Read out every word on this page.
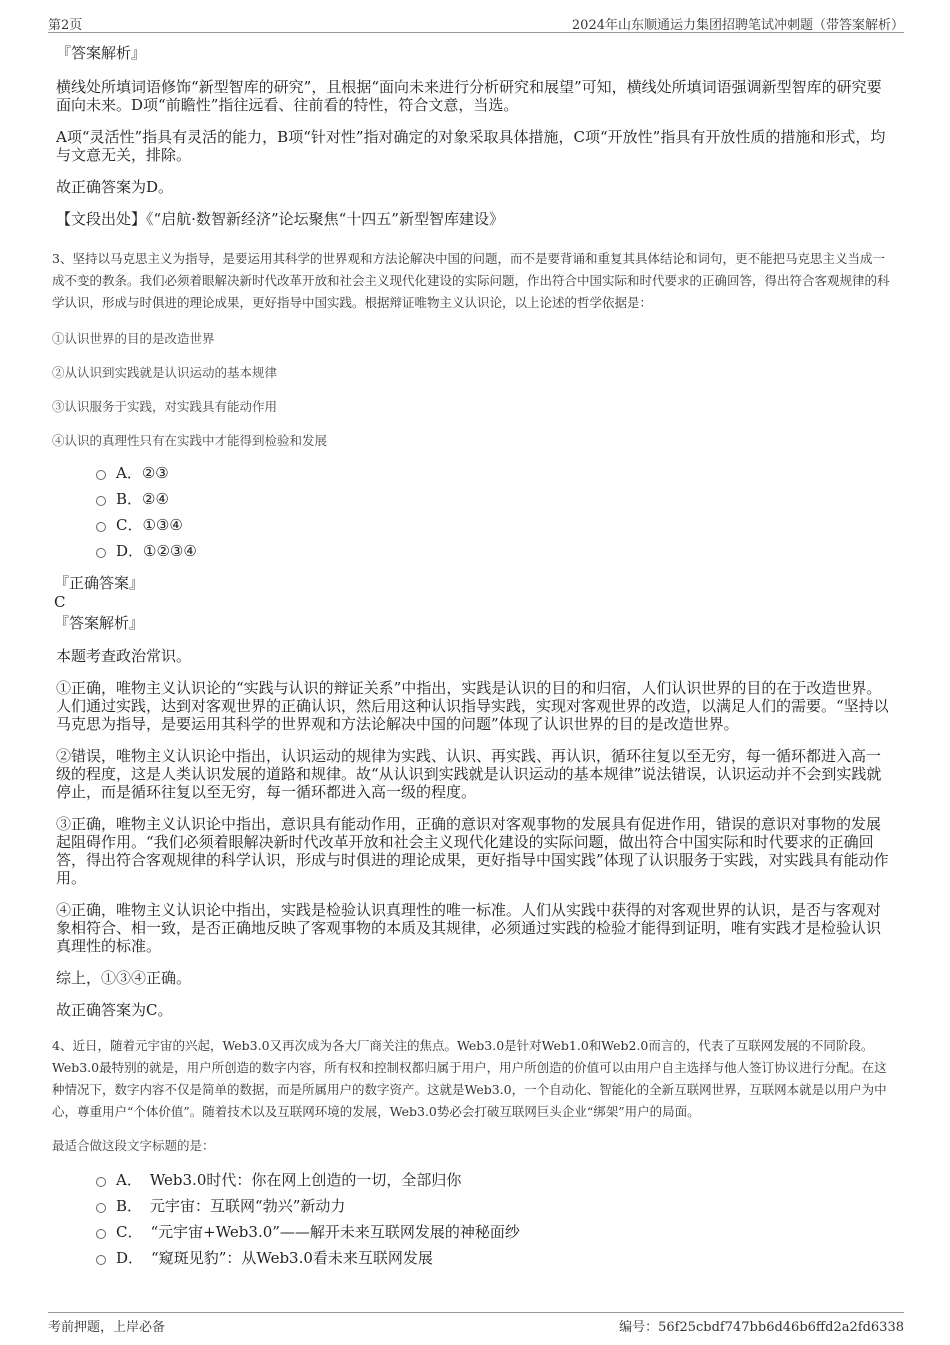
第2页	2024年山东顺通运力集团招聘笔试冲刺题（带答案解析）

『答案解析』

横线处所填词语修饰“新型智库的研究”，且根据“面向未来进行分析研究和展望”可知，横线处所填词语强调新型智库的研究要面向未来。D项“前瞻性”指往远看、往前看的特性，符合文意，当选。

A项“灵活性”指具有灵活的能力，B项“针对性”指对确定的对象采取具体措施，C项“开放性”指具有开放性质的措施和形式，均与文意无关，排除。

故正确答案为D。

【文段出处】《“启航·数智新经济”论坛聚焦“十四五”新型智库建设》

3、坚持以马克思主义为指导，是要运用其科学的世界观和方法论解决中国的问题，而不是要背诵和重复其具体结论和词句，更不能把马克思主义当成一成不变的教条。我们必须着眼解决新时代改革开放和社会主义现代化建设的实际问题，作出符合中国实际和时代要求的正确回答，得出符合客观规律的科学认识，形成与时俱进的理论成果，更好指导中国实践。根据辩证唯物主义认识论，以上论述的哲学依据是：

①认识世界的目的是改造世界

②从认识到实践就是认识运动的基本规律

③认识服务于实践，对实践具有能动作用

④认识的真理性只有在实践中才能得到检验和发展

A． ②③
B． ②④
C． ①③④
D． ①②③④

『正确答案』

C

『答案解析』

本题考查政治常识。

①正确，唯物主义认识论的“实践与认识的辩证关系”中指出，实践是认识的目的和归宿，人们认识世界的目的在于改造世界。人们通过实践，达到对客观世界的正确认识，然后用这种认识指导实践，实现对客观世界的改造，以满足人们的需要。“坚持以马克思为指导，是要运用其科学的世界观和方法论解决中国的问题”体现了认识世界的目的是改造世界。

②错误，唯物主义认识论中指出，认识运动的规律为实践、认识、再实践、再认识，循环往复以至无穷，每一循环都进入高一级的程度，这是人类认识发展的道路和规律。故“从认识到实践就是认识运动的基本规律”说法错误，认识运动并不会到实践就停止，而是循环往复以至无穷，每一循环都进入高一级的程度。

③正确，唯物主义认识论中指出，意识具有能动作用，正确的意识对客观事物的发展具有促进作用，错误的意识对事物的发展起阻碍作用。“我们必须着眼解决新时代改革开放和社会主义现代化建设的实际问题，做出符合中国实际和时代要求的正确回答，得出符合客观规律的科学认识，形成与时俱进的理论成果，更好指导中国实践”体现了认识服务于实践，对实践具有能动作用。

④正确，唯物主义认识论中指出，实践是检验认识真理性的唯一标准。人们从实践中获得的对客观世界的认识，是否与客观对象相符合、相一致，是否正确地反映了客观事物的本质及其规律，必须通过实践的检验才能得到证明，唯有实践才是检验认识真理性的标准。

综上，①③④正确。

故正确答案为C。

4、近日，随着元宇宙的兴起，Web3.0又再次成为各大厂商关注的焦点。Web3.0是针对Web1.0和Web2.0而言的，代表了互联网发展的不同阶段。Web3.0最特别的就是，用户所创造的数字内容，所有权和控制权都归属于用户，用户所创造的价值可以由用户自主选择与他人签订协议进行分配。在这种情况下，数字内容不仅是简单的数据，而是所属用户的数字资产。这就是Web3.0，一个自动化、智能化的全新互联网世界，互联网本就是以用户为中心，尊重用户“个体价值”。随着技术以及互联网环境的发展，Web3.0势必会打破互联网巨头企业“绑架”用户的局面。

最适合做这段文字标题的是：

A． Web3.0时代：你在网上创造的一切，全部归你
B． 元宇宙：互联网“勃兴”新动力
C． “元宇宙+Web3.0”——解开未来互联网发展的神秘面纱
D． “窥斑见豹”：从Web3.0看未来互联网发展
考前押题，上岸必备	编号：56f25cbdf747bb6d46b6ffd2a2fd6338
